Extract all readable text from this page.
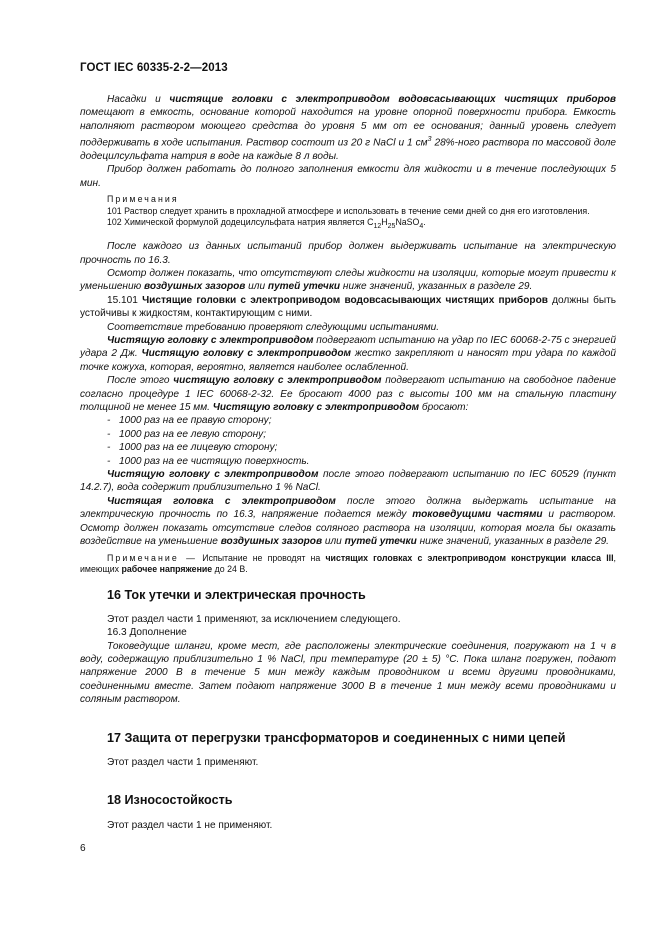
ГОСТ IEC 60335-2-2—2013

Насадки и чистящие головки с электроприводом водовсасывающих чистящих приборов помещают в емкость, основание которой находится на уровне опорной поверхности прибора. Емкость наполняют раствором моющего средства до уровня 5 мм от ее основания; данный уровень следует поддерживать в ходе испытания. Раствор состоит из 20 г NaCl и 1 $см^3$ 28%-ного раствора по массовой доле додецилсульфата натрия в воде на каждые 8 л воды.

Прибор должен работать до полного заполнения емкости для жидкости и в течение последующих 5 мин.

Примечания

101 Раствор следует хранить в прохладной атмосфере и использовать в течение семи дней со дня его изготовления.

102 Химической формулой додецилсульфата натрия является $C_{12}H_{25}NaSO_4$.

После каждого из данных испытаний прибор должен выдерживать испытание на электрическую прочность по 16.3.

Осмотр должен показать, что отсутствуют следы жидкости на изоляции, которые могут привести к уменьшению воздушных зазоров или путей утечки ниже значений, указанных в разделе 29.

15.101 Чистящие головки с электроприводом водовсасывающих чистящих приборов должны быть устойчивы к жидкостям, контактирующим с ними.

Соответствие требованию проверяют следующими испытаниями.

Чистящую головку с электроприводом подвергают испытанию на удар по IEC 60068-2-75 с энергией удара 2 Дж. Чистящую головку с электроприводом жестко закрепляют и наносят три удара по каждой точке кожуха, которая, вероятно, является наиболее ослабленной.

После этого чистящую головку с электроприводом подвергают испытанию на свободное падение согласно процедуре 1 IEC 60068-2-32. Ее бросают 4000 раз с высоты 100 мм на стальную пластину толщиной не менее 15 мм. Чистящую головку с электроприводом бросают:

- 1000 раз на ее правую сторону;

- 1000 раз на ее левую сторону;

- 1000 раз на ее лицевую сторону;

- 1000 раз на ее чистящую поверхность.

Чистящую головку с электроприводом после этого подвергают испытанию по IEC 60529 (пункт 14.2.7), вода содержит приблизительно 1 % NaCl.

Чистящая головка с электроприводом после этого должна выдержать испытание на электрическую прочность по 16.3, напряжение подается между токоведущими частями и раствором. Осмотр должен показать отсутствие следов соляного раствора на изоляции, которая могла бы оказать воздействие на уменьшение воздушных зазоров или путей утечки ниже значений, указанных в разделе 29.

Примечание — Испытание не проводят на чистящих головках с электроприводом конструкции класса III, имеющих рабочее напряжение до 24 В.

16 Ток утечки и электрическая прочность

Этот раздел части 1 применяют, за исключением следующего.

16.3 Дополнение

Токоведущие шланги, кроме мест, где расположены электрические соединения, погружают на 1 ч в воду, содержащую приблизительно 1 % NaCl, при температуре (20 ± 5) °С. Пока шланг погружен, подают напряжение 2000 В в течение 5 мин между каждым проводником и всеми другими проводниками, соединенными вместе. Затем подают напряжение 3000 В в течение 1 мин между всеми проводниками и соляным раствором.

17 Защита от перегрузки трансформаторов и соединенных с ними цепей

Этот раздел части 1 применяют.

18 Износостойкость

Этот раздел части 1 не применяют.

6
